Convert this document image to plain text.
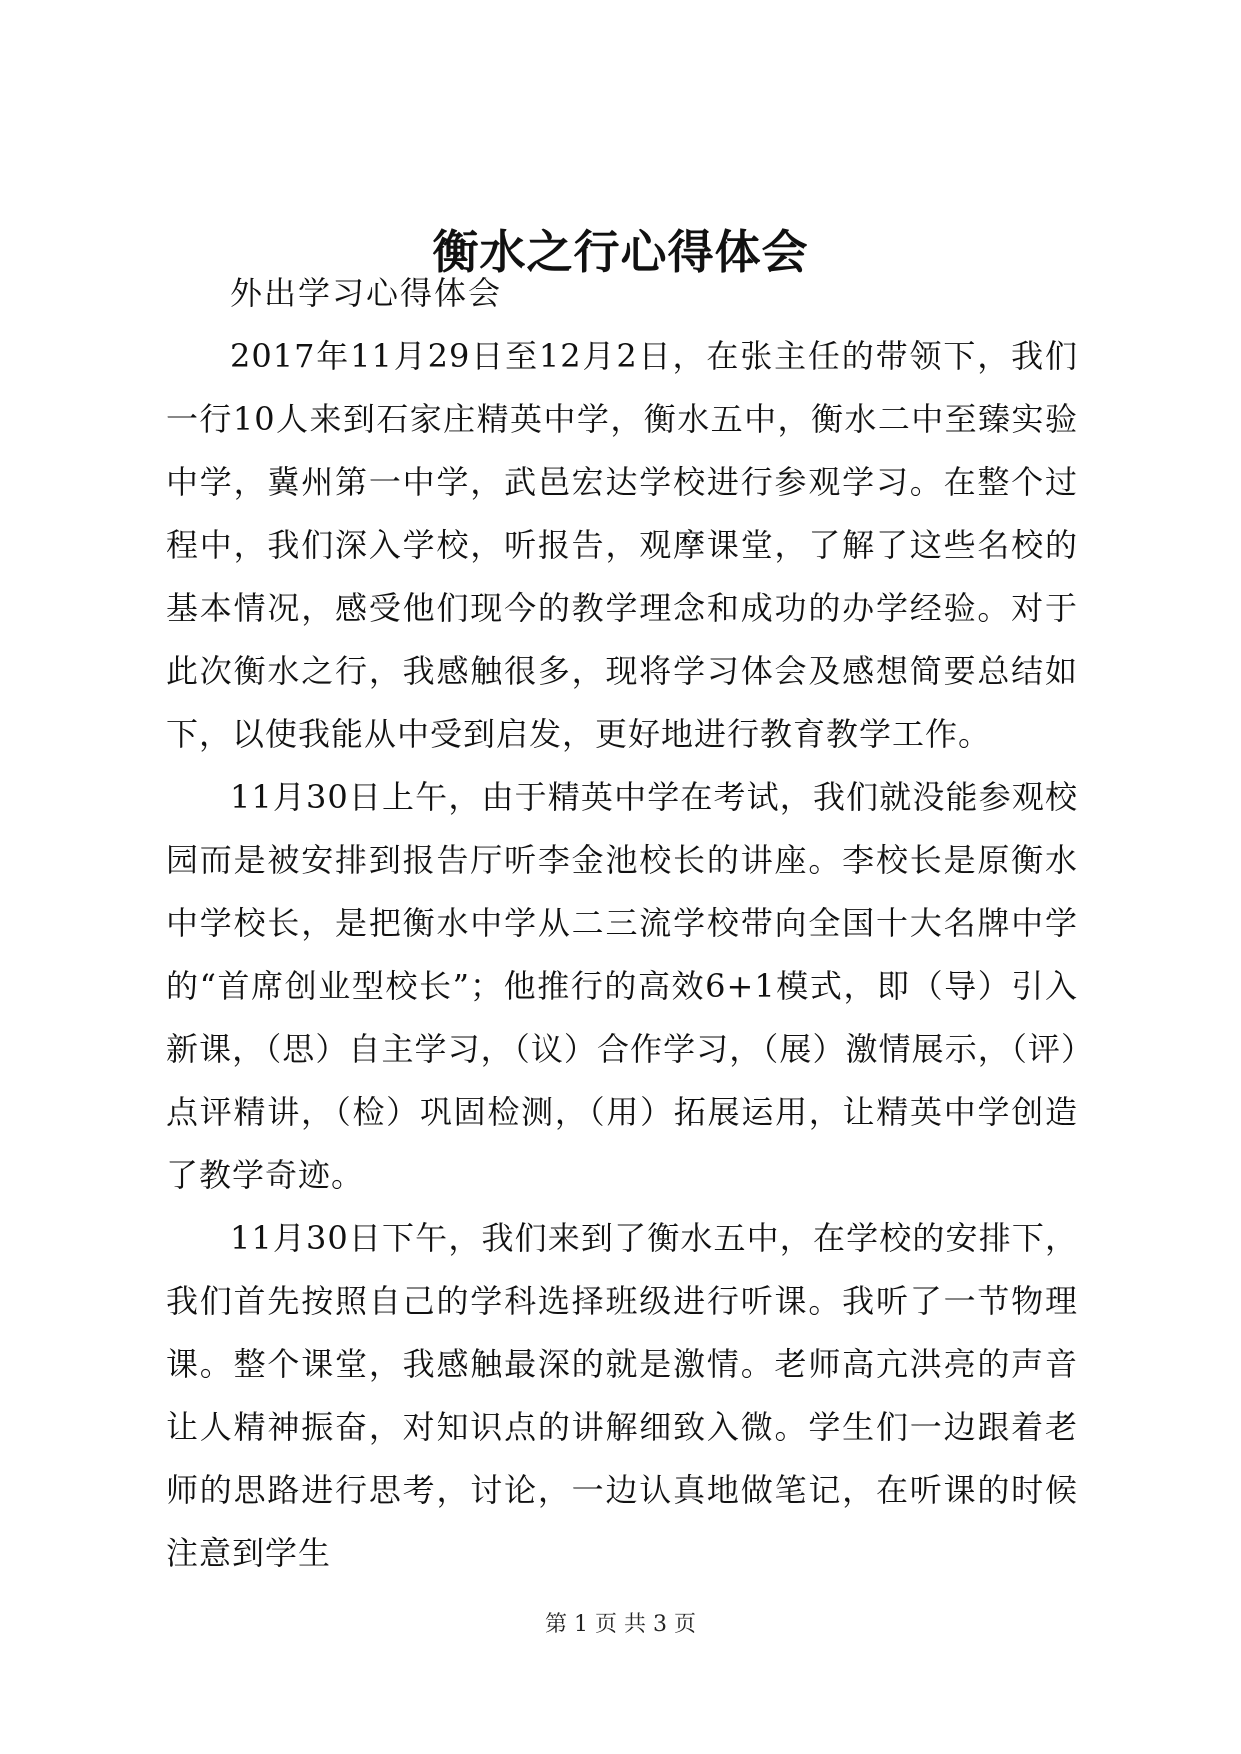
衡水之行心得体会

外出学习心得体会

2017年11月29日至12月2日，在张主任的带领下，我们一行10人来到石家庄精英中学，衡水五中，衡水二中至臻实验中学，冀州第一中学，武邑宏达学校进行参观学习。在整个过程中，我们深入学校，听报告，观摩课堂，了解了这些名校的基本情况，感受他们现今的教学理念和成功的办学经验。对于此次衡水之行，我感触很多，现将学习体会及感想简要总结如下，以使我能从中受到启发，更好地进行教育教学工作。

11月30日上午，由于精英中学在考试，我们就没能参观校园而是被安排到报告厅听李金池校长的讲座。李校长是原衡水中学校长，是把衡水中学从二三流学校带向全国十大名牌中学的“首席创业型校长”；他推行的高效6+1模式，即（导）引入新课，（思）自主学习，（议）合作学习，（展）激情展示，（评）点评精讲，（检）巩固检测，（用）拓展运用，让精英中学创造了教学奇迹。

11月30日下午，我们来到了衡水五中，在学校的安排下，我们首先按照自己的学科选择班级进行听课。我听了一节物理课。整个课堂，我感触最深的就是激情。老师高亢洪亮的声音让人精神振奋，对知识点的讲解细致入微。学生们一边跟着老师的思路进行思考，讨论，一边认真地做笔记，在听课的时候注意到学生

第 1 页 共 3 页
